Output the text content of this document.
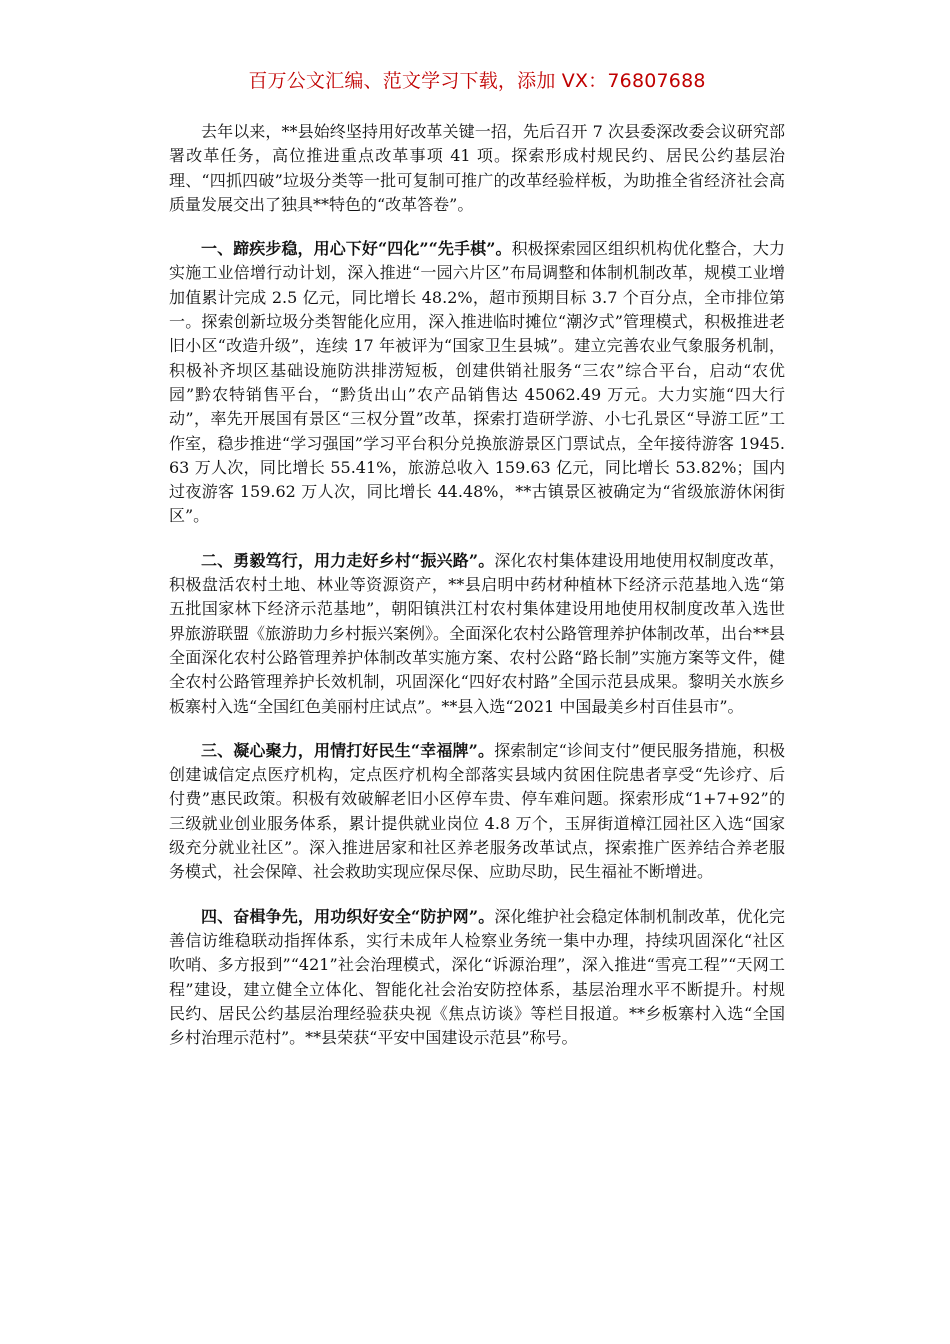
百万公文汇编、范文学习下载，添加 VX：76807688

去年以来，**县始终坚持用好改革关键一招，先后召开 7 次县委深改委会议研究部署改革任务，高位推进重点改革事项 41 项。探索形成村规民约、居民公约基层治理、“四抓四破”垃圾分类等一批可复制可推广的改革经验样板，为助推全省经济社会高质量发展交出了独具**特色的“改革答卷”。

一、蹄疾步稳，用心下好“四化”“先手棋”。积极探索园区组织机构优化整合，大力实施工业倍增行动计划，深入推进“一园六片区”布局调整和体制机制改革，规模工业增加值累计完成 2.5 亿元，同比增长 48.2%，超市预期目标 3.7 个百分点，全市排位第一。探索创新垃圾分类智能化应用，深入推进临时摊位“潮汐式”管理模式，积极推进老旧小区“改造升级”，连续 17 年被评为“国家卫生县城”。建立完善农业气象服务机制，积极补齐坝区基础设施防洪排涝短板，创建供销社服务“三农”综合平台，启动“农优园”黔农特销售平台，“黔货出山”农产品销售达 45062.49 万元。大力实施“四大行动”，率先开展国有景区“三权分置”改革，探索打造研学游、小七孔景区“导游工匠”工作室，稳步推进“学习强国”学习平台积分兑换旅游景区门票试点，全年接待游客 1945.63 万人次，同比增长 55.41%，旅游总收入 159.63 亿元，同比增长 53.82%；国内过夜游客 159.62 万人次，同比增长 44.48%，**古镇景区被确定为“省级旅游休闲街区”。

二、勇毅笃行，用力走好乡村“振兴路”。深化农村集体建设用地使用权制度改革，积极盘活农村土地、林业等资源资产，**县启明中药材种植林下经济示范基地入选“第五批国家林下经济示范基地”，朝阳镇洪江村农村集体建设用地使用权制度改革入选世界旅游联盟《旅游助力乡村振兴案例》。全面深化农村公路管理养护体制改革，出台**县全面深化农村公路管理养护体制改革实施方案、农村公路“路长制”实施方案等文件，健全农村公路管理养护长效机制，巩固深化“四好农村路”全国示范县成果。黎明关水族乡板寨村入选“全国红色美丽村庄试点”。**县入选“2021 中国最美乡村百佳县市”。

三、凝心聚力，用情打好民生“幸福牌”。探索制定“诊间支付”便民服务措施，积极创建诚信定点医疗机构，定点医疗机构全部落实县域内贫困住院患者享受“先诊疗、后付费”惠民政策。积极有效破解老旧小区停车贵、停车难问题。探索形成“1+7+92”的三级就业创业服务体系，累计提供就业岗位 4.8 万个，玉屏街道樟江园社区入选“国家级充分就业社区”。深入推进居家和社区养老服务改革试点，探索推广医养结合养老服务模式，社会保障、社会救助实现应保尽保、应助尽助，民生福祉不断增进。

四、奋楫争先，用功织好安全“防护网”。深化维护社会稳定体制机制改革，优化完善信访维稳联动指挥体系，实行未成年人检察业务统一集中办理，持续巩固深化“社区吹哨、多方报到”“421”社会治理模式，深化“诉源治理”，深入推进“雪亮工程”“天网工程”建设，建立健全立体化、智能化社会治安防控体系，基层治理水平不断提升。村规民约、居民公约基层治理经验获央视《焦点访谈》等栏目报道。**乡板寨村入选“全国乡村治理示范村”。**县荣获“平安中国建设示范县”称号。
